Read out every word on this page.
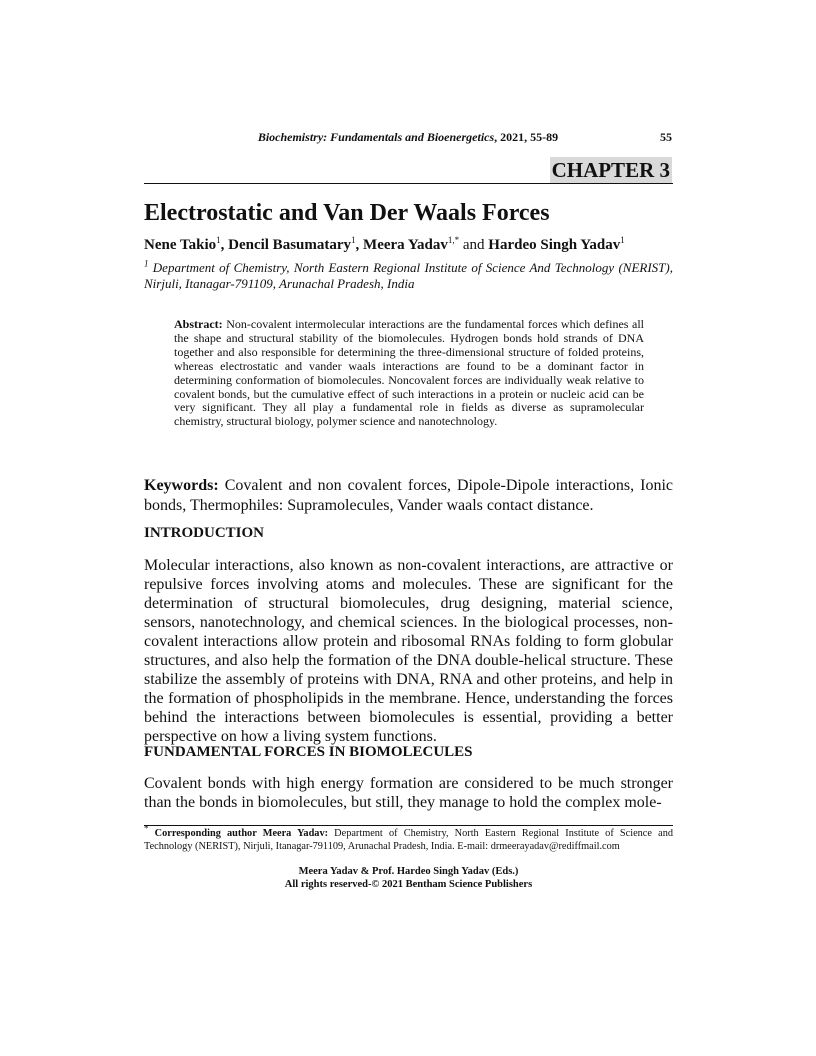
Biochemistry: Fundamentals and Bioenergetics, 2021, 55-89	55
CHAPTER 3
Electrostatic and Van Der Waals Forces
Nene Takio$^1$, Dencil Basumatary$^1$, Meera Yadav$^{1,*}$ and Hardeo Singh Yadav$^1$
$^1$ Department of Chemistry, North Eastern Regional Institute of Science And Technology (NERIST), Nirjuli, Itanagar-791109, Arunachal Pradesh, India
Abstract: Non-covalent intermolecular interactions are the fundamental forces which defines all the shape and structural stability of the biomolecules. Hydrogen bonds hold strands of DNA together and also responsible for determining the three-dimensional structure of folded proteins, whereas electrostatic and vander waals interactions are found to be a dominant factor in determining conformation of biomolecules. Noncovalent forces are individually weak relative to covalent bonds, but the cumulative effect of such interactions in a protein or nucleic acid can be very significant. They all play a fundamental role in fields as diverse as supramolecular chemistry, structural biology, polymer science and nanotechnology.
Keywords: Covalent and non covalent forces, Dipole-Dipole interactions, Ionic bonds, Thermophiles: Supramolecules, Vander waals contact distance.
INTRODUCTION

Molecular interactions, also known as non-covalent interactions, are attractive or repulsive forces involving atoms and molecules. These are significant for the determination of structural biomolecules, drug designing, material science, sensors, nanotechnology, and chemical sciences. In the biological processes, non-covalent interactions allow protein and ribosomal RNAs folding to form globular structures, and also help the formation of the DNA double-helical structure. These stabilize the assembly of proteins with DNA, RNA and other proteins, and help in the formation of phospholipids in the membrane. Hence, understanding the forces behind the interactions between biomolecules is essential, providing a better perspective on how a living system functions.

FUNDAMENTAL FORCES IN BIOMOLECULES

Covalent bonds with high energy formation are considered to be much stronger than the bonds in biomolecules, but still, they manage to hold the complex mole-

* Corresponding author Meera Yadav: Department of Chemistry, North Eastern Regional Institute of Science and Technology (NERIST), Nirjuli, Itanagar-791109, Arunachal Pradesh, India. E-mail: drmeerayadav@rediffmail.com
Meera Yadav & Prof. Hardeo Singh Yadav (Eds.)
All rights reserved-© 2021 Bentham Science Publishers
